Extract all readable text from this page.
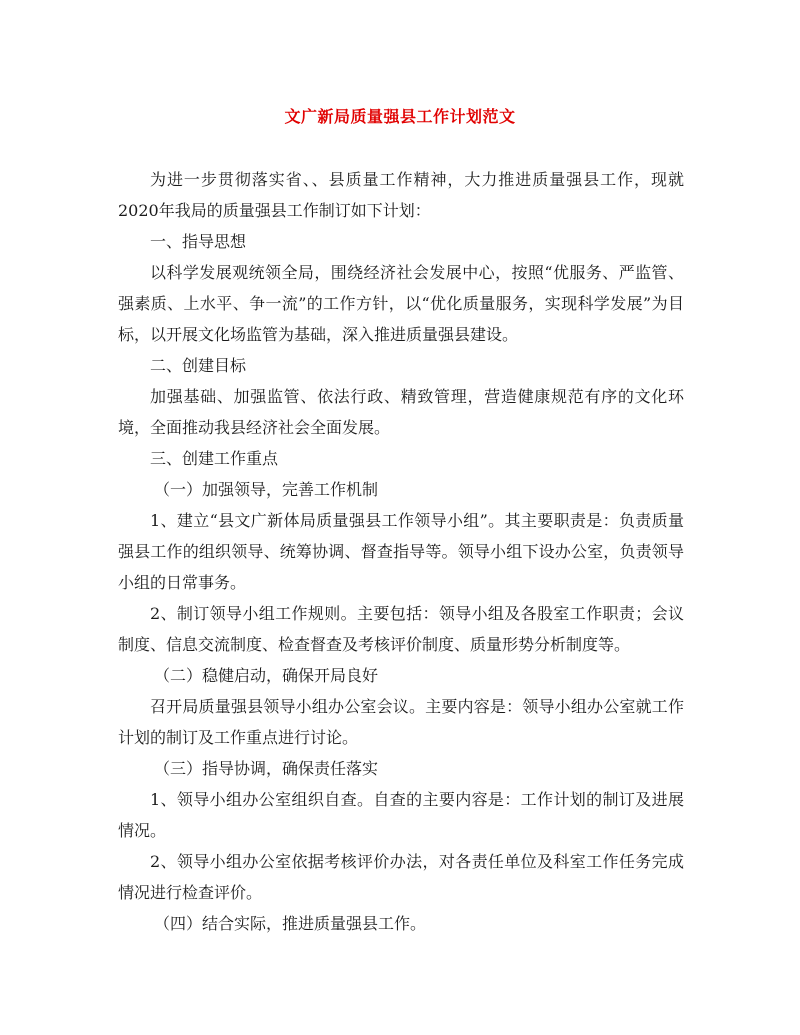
文广新局质量强县工作计划范文

为进一步贯彻落实省、、县质量工作精神，大力推进质量强县工作，现就2020年我局的质量强县工作制订如下计划：

一、指导思想

以科学发展观统领全局，围绕经济社会发展中心，按照“优服务、严监管、强素质、上水平、争一流”的工作方针，以“优化质量服务，实现科学发展”为目标，以开展文化场监管为基础，深入推进质量强县建设。

二、创建目标

加强基础、加强监管、依法行政、精致管理，营造健康规范有序的文化环境，全面推动我县经济社会全面发展。

三、创建工作重点

（一）加强领导，完善工作机制

1、建立“县文广新体局质量强县工作领导小组”。其主要职责是：负责质量强县工作的组织领导、统筹协调、督查指导等。领导小组下设办公室，负责领导小组的日常事务。

2、制订领导小组工作规则。主要包括：领导小组及各股室工作职责；会议制度、信息交流制度、检查督查及考核评价制度、质量形势分析制度等。

（二）稳健启动，确保开局良好

召开局质量强县领导小组办公室会议。主要内容是：领导小组办公室就工作计划的制订及工作重点进行讨论。

（三）指导协调，确保责任落实

1、领导小组办公室组织自查。自查的主要内容是：工作计划的制订及进展情况。

2、领导小组办公室依据考核评价办法，对各责任单位及科室工作任务完成情况进行检查评价。

（四）结合实际，推进质量强县工作。
